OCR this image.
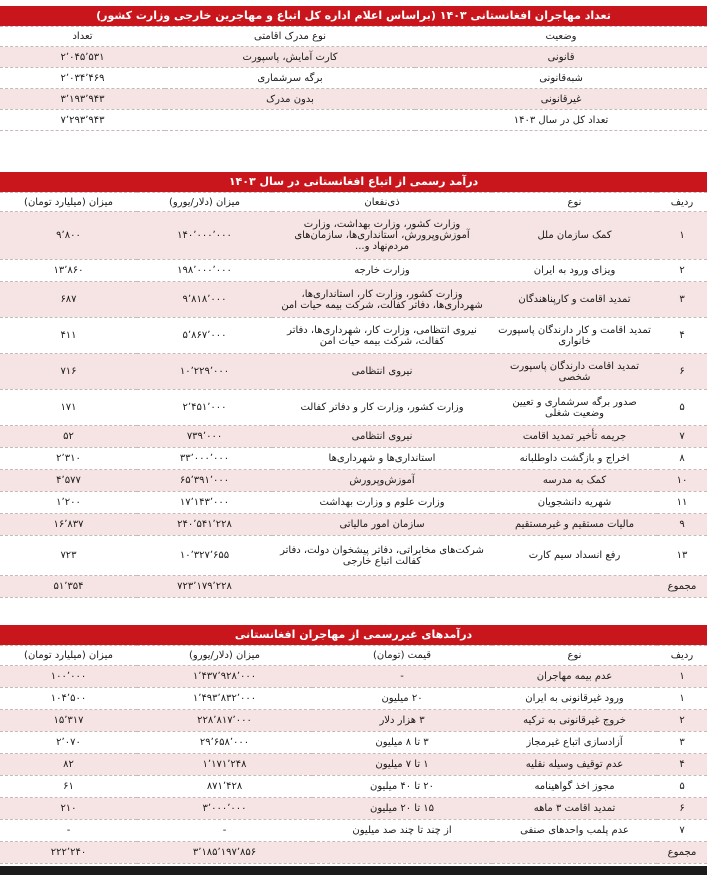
تعداد مهاجران افغانستانی ۱۴۰۳ (براساس اعلام اداره کل اتباع و مهاجرین خارجی وزارت کشور)		
وضعیت	نوع مدرک اقامتی	تعداد
قانونی	کارت آمایش، پاسپورت	۲٬۰۴۵٬۵۳۱
شبه‌قانونی	برگه سرشماری	۲٬۰۳۴٬۴۶۹
غیرقانونی	بدون مدرک	۳٬۱۹۳٬۹۴۳
تعداد کل در سال ۱۴۰۳		۷٬۲۹۳٬۹۴۳
درآمد رسمی از اتباع افغانستانی در سال ۱۴۰۳				
ردیف	نوع	ذی‌نفعان	میزان (دلار/یورو)	میزان (میلیارد تومان)
۱	کمک سازمان ملل	وزارت کشور، وزارت بهداشت، وزارت آموزش‌وپرورش، استانداری‌ها، سازمان‌های مردم‌نهاد و...	۱۴۰٬۰۰۰٬۰۰۰	۹٬۸۰۰
۲	ویزای ورود به ایران	وزارت خارجه	۱۹۸٬۰۰۰٬۰۰۰	۱۳٬۸۶۰
۳	تمدید اقامت و کارپناهندگان	وزارت کشور، وزارت کار، استانداری‌ها، شهرداری‌ها، دفاتر کفالت، شرکت بیمه حیات امن	۹٬۸۱۸٬۰۰۰	۶۸۷
۴	تمدید اقامت و کار دارندگان پاسپورت خانواری	نیروی انتظامی، وزارت کار، شهرداری‌ها، دفاتر کفالت، شرکت بیمه حیات امن	۵٬۸۶۷٬۰۰۰	۴۱۱
۶	تمدید اقامت دارندگان پاسپورت شخصی	نیروی انتظامی	۱۰٬۲۲۹٬۰۰۰	۷۱۶
۵	صدور برگه سرشماری و تعیین وضعیت شغلی	وزارت کشور، وزارت کار و دفاتر کفالت	۲٬۴۵۱٬۰۰۰	۱۷۱
۷	جریمه تأخیر تمدید اقامت	نیروی انتظامی	۷۳۹٬۰۰۰	۵۲
۸	اخراج و بازگشت داوطلبانه	استانداری‌ها و شهرداری‌ها	۳۳٬۰۰۰٬۰۰۰	۲٬۳۱۰
۱۰	کمک به مدرسه	آموزش‌وپرورش	۶۵٬۳۹۱٬۰۰۰	۴٬۵۷۷
۱۱	شهریه دانشجویان	وزارت علوم و وزارت بهداشت	۱۷٬۱۴۳٬۰۰۰	۱٬۲۰۰
۹	مالیات مستقیم و غیرمستقیم	سازمان امور مالیاتی	۲۴۰٬۵۴۱٬۲۲۸	۱۶٬۸۳۷
۱۳	رفع انسداد سیم کارت	شرکت‌های مخابراتی، دفاتر پیشخوان دولت، دفاتر کفالت اتباع خارجی	۱۰٬۳۲۷٬۶۵۵	۷۲۳
مجموع			۷۲۳٬۱۷۹٬۲۲۸	۵۱٬۳۵۴
درآمدهای غیررسمی از مهاجران افغانستانی				
ردیف	نوع	قیمت (تومان)	میزان (دلار/یورو)	میزان (میلیارد تومان)
۱	عدم بیمه مهاجران	-	۱٬۴۳۷٬۹۲۸٬۰۰۰	۱۰۰٬۰۰۰
۱	ورود غیرقانونی به ایران	۲۰ میلیون	۱٬۴۹۳٬۸۳۲٬۰۰۰	۱۰۴٬۵۰۰
۲	خروج غیرقانونی به ترکیه	۳ هزار دلار	۲۲۸٬۸۱۷٬۰۰۰	۱۵٬۳۱۷
۳	آزادسازی اتباع غیرمجاز	۳ تا ۸ میلیون	۲۹٬۶۵۸٬۰۰۰	۲٬۰۷۰
۴	عدم توقیف وسیله نقلیه	۱ تا ۷ میلیون	۱٬۱۷۱٬۲۴۸	۸۲
۵	مجوز اخذ گواهینامه	۲۰ تا ۴۰ میلیون	۸۷۱٬۴۲۸	۶۱
۶	تمدید اقامت ۳ ماهه	۱۵ تا ۲۰ میلیون	۳٬۰۰۰٬۰۰۰	۲۱۰
۷	عدم پلمب واحدهای صنفی	از چند تا چند صد میلیون	-	-
مجموع			۳٬۱۸۵٬۱۹۷٬۸۵۶	۲۲۲٬۲۴۰
